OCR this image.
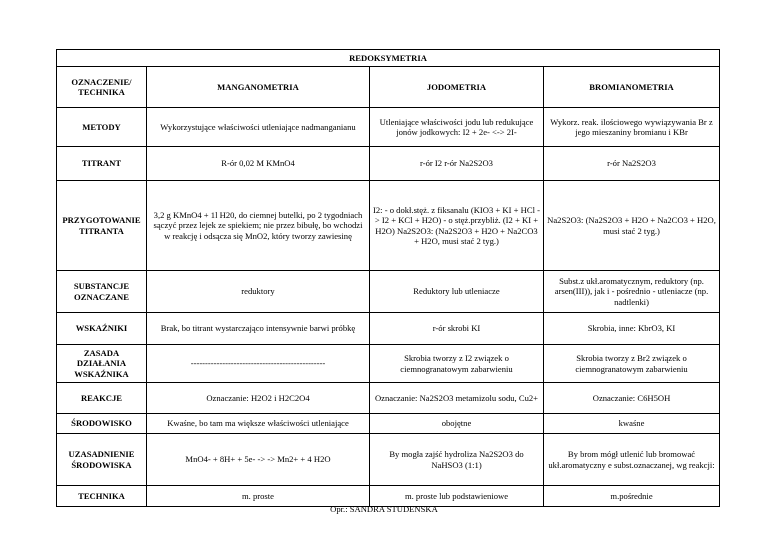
REDOKSYMETRIA			
OZNACZENIE/ TECHNIKA	MANGANOMETRIA	JODOMETRIA	BROMIANOMETRIA
METODY	Wykorzystujące właściwości utleniające nadmanganianu	Utleniające właściwości jodu lub redukujące jonów jodkowych: I2 + 2e- <-> 2I-	Wykorz. reak. ilościowego wywiązywania Br z jego mieszaniny bromianu i KBr
TITRANT	R-ór 0,02 M KMnO4	r-ór I2 r-ór Na2S2O3	r-ór Na2S2O3
PRZYGOTOWANIE TITRANTA	3,2 g KMnO4 + 1l H20, do ciemnej butelki, po 2 tygodniach sączyć przez lejek ze spiekiem; nie przez bibułę, bo wchodzi w reakcję i odsącza się MnO2, który tworzy zawiesinę	I2: - o dokł.stęż. z fiksanalu (KIO3 + KI + HCl -> I2 + KCl + H2O) - o stęż.przybliż. (I2 + KI + H2O) Na2S2O3: (Na2S2O3 + H2O + Na2CO3 + H2O, musi stać 2 tyg.)	Na2S2O3: (Na2S2O3 + H2O + Na2CO3 + H2O, musi stać 2 tyg.)
SUBSTANCJE OZNACZANE	reduktory	Reduktory lub utleniacze	Subst.z ukł.aromatycznym, reduktory (np. arsen(III)), jak i - pośrednio - utleniacze (np. nadtlenki)
WSKAŹNIKI	Brak, bo titrant wystarczająco intensywnie barwi próbkę	r-ór skrobi KI	Skrobia, inne: KbrO3, KI
ZASADA DZIAŁANIA WSKAŹNIKA	-----------------------------------------------	Skrobia tworzy z I2 związek o ciemnogranatowym zabarwieniu	Skrobia tworzy z Br2 związek o ciemnogranatowym zabarwieniu
REAKCJE	Oznaczanie: H2O2 i H2C2O4	Oznaczanie: Na2S2O3 metamizolu sodu, Cu2+	Oznaczanie: C6H5OH
ŚRODOWISKO	Kwaśne, bo tam ma większe właściwości utleniające	obojętne	kwaśne
UZASADNIENIE ŚRODOWISKA	MnO4- + 8H+ + 5e- -> -> Mn2+ + 4 H2O	By mogła zajść hydroliza Na2S2O3 do NaHSO3 (1:1)	By brom mógł utlenić lub bromować ukł.aromatyczny e subst.oznaczanej, wg reakcji:
TECHNIKA	m. proste	m. proste lub podstawieniowe	m.pośrednie
Opr.: SANDRA STUDENSKA
